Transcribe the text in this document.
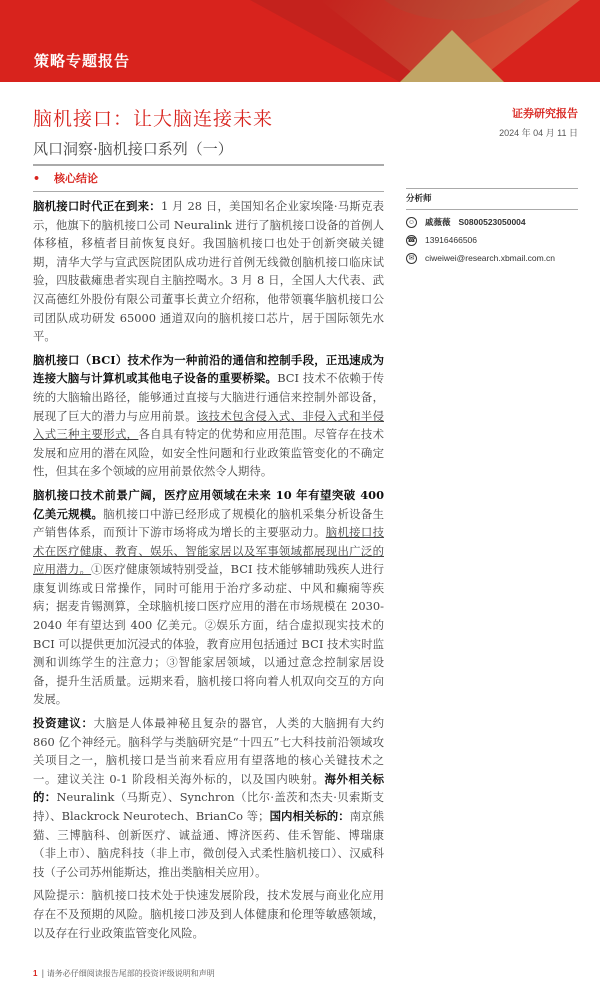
策略专题报告
脑机接口：让大脑连接未来
风口洞察·脑机接口系列（一）
• 核心结论
脑机接口时代正在到来：1 月 28 日，美国知名企业家埃隆·马斯克表示，他旗下的脑机接口公司 Neuralink 进行了脑机接口设备的首例人体移植，移植者目前恢复良好。我国脑机接口也处于创新突破关键期，清华大学与宣武医院团队成功进行首例无线微创脑机接口临床试验，四肢截瘫患者实现自主脑控喝水。3 月 8 日，全国人大代表、武汉高德红外股份有限公司董事长黄立介绍称，他带领襄华脑机接口公司团队成功研发 65000 通道双向的脑机接口芯片，居于国际领先水平。
脑机接口（BCI）技术作为一种前沿的通信和控制手段，正迅速成为连接大脑与计算机或其他电子设备的重要桥梁。BCI 技术不依赖于传统的大脑输出路径，能够通过直接与大脑进行通信来控制外部设备，展现了巨大的潜力与应用前景。该技术包含侵入式、非侵入式和半侵入式三种主要形式，各自具有特定的优势和应用范围。尽管存在技术发展和应用的潜在风险，如安全性问题和行业政策监管变化的不确定性，但其在多个领域的应用前景依然令人期待。
脑机接口技术前景广阔，医疗应用领域在未来 10 年有望突破 400 亿美元规模。脑机接口中游已经形成了规模化的脑机采集分析设备生产销售体系，而预计下游市场将成为增长的主要驱动力。脑机接口技术在医疗健康、教育、娱乐、智能家居以及军事领域都展现出广泛的应用潜力。①医疗健康领域特别受益，BCI 技术能够辅助残疾人进行康复训练或日常操作，同时可能用于治疗多动症、中风和癫痫等疾病；据麦肯锡测算，全球脑机接口医疗应用的潜在市场规模在 2030-2040 年有望达到 400 亿美元。②娱乐方面，结合虚拟现实技术的 BCI 可以提供更加沉浸式的体验，教育应用包括通过 BCI 技术实时监测和训练学生的注意力；③智能家居领域，以通过意念控制家居设备，提升生活质量。远期来看，脑机接口将向着人机双向交互的方向发展。
投资建议：大脑是人体最神秘且复杂的器官，人类的大脑拥有大约 860 亿个神经元。脑科学与类脑研究是“十四五”七大科技前沿领域攻关项目之一，脑机接口是当前来看应用有望落地的核心关键技术之一。建议关注 0-1 阶段相关海外标的，以及国内映射。海外相关标的：Neuralink（马斯克）、Synchron（比尔·盖茨和杰夫·贝索斯支持）、Blackrock Neurotech、BrianCo 等；国内相关标的：南京熊猫、三博脑科、创新医疗、诚益通、博济医药、佳禾智能、博瑞康（非上市）、脑虎科技（非上市，微创侵入式柔性脑机接口）、汉威科技（子公司苏州能斯达，推出类脑相关应用）。
风险提示：脑机接口技术处于快速发展阶段，技术发展与商业化应用存在不及预期的风险。脑机接口涉及到人体健康和伦理等敏感领域，以及存在行业政策监管变化风险。
1 | 请务必仔细阅读报告尾部的投资评级说明和声明
证券研究报告
2024 年 04 月 11 日
分析师
☺ 戚薇薇 S0800523050004
☎ 13916466506
✉	ciweiwei@research.xbmail.com.cn
